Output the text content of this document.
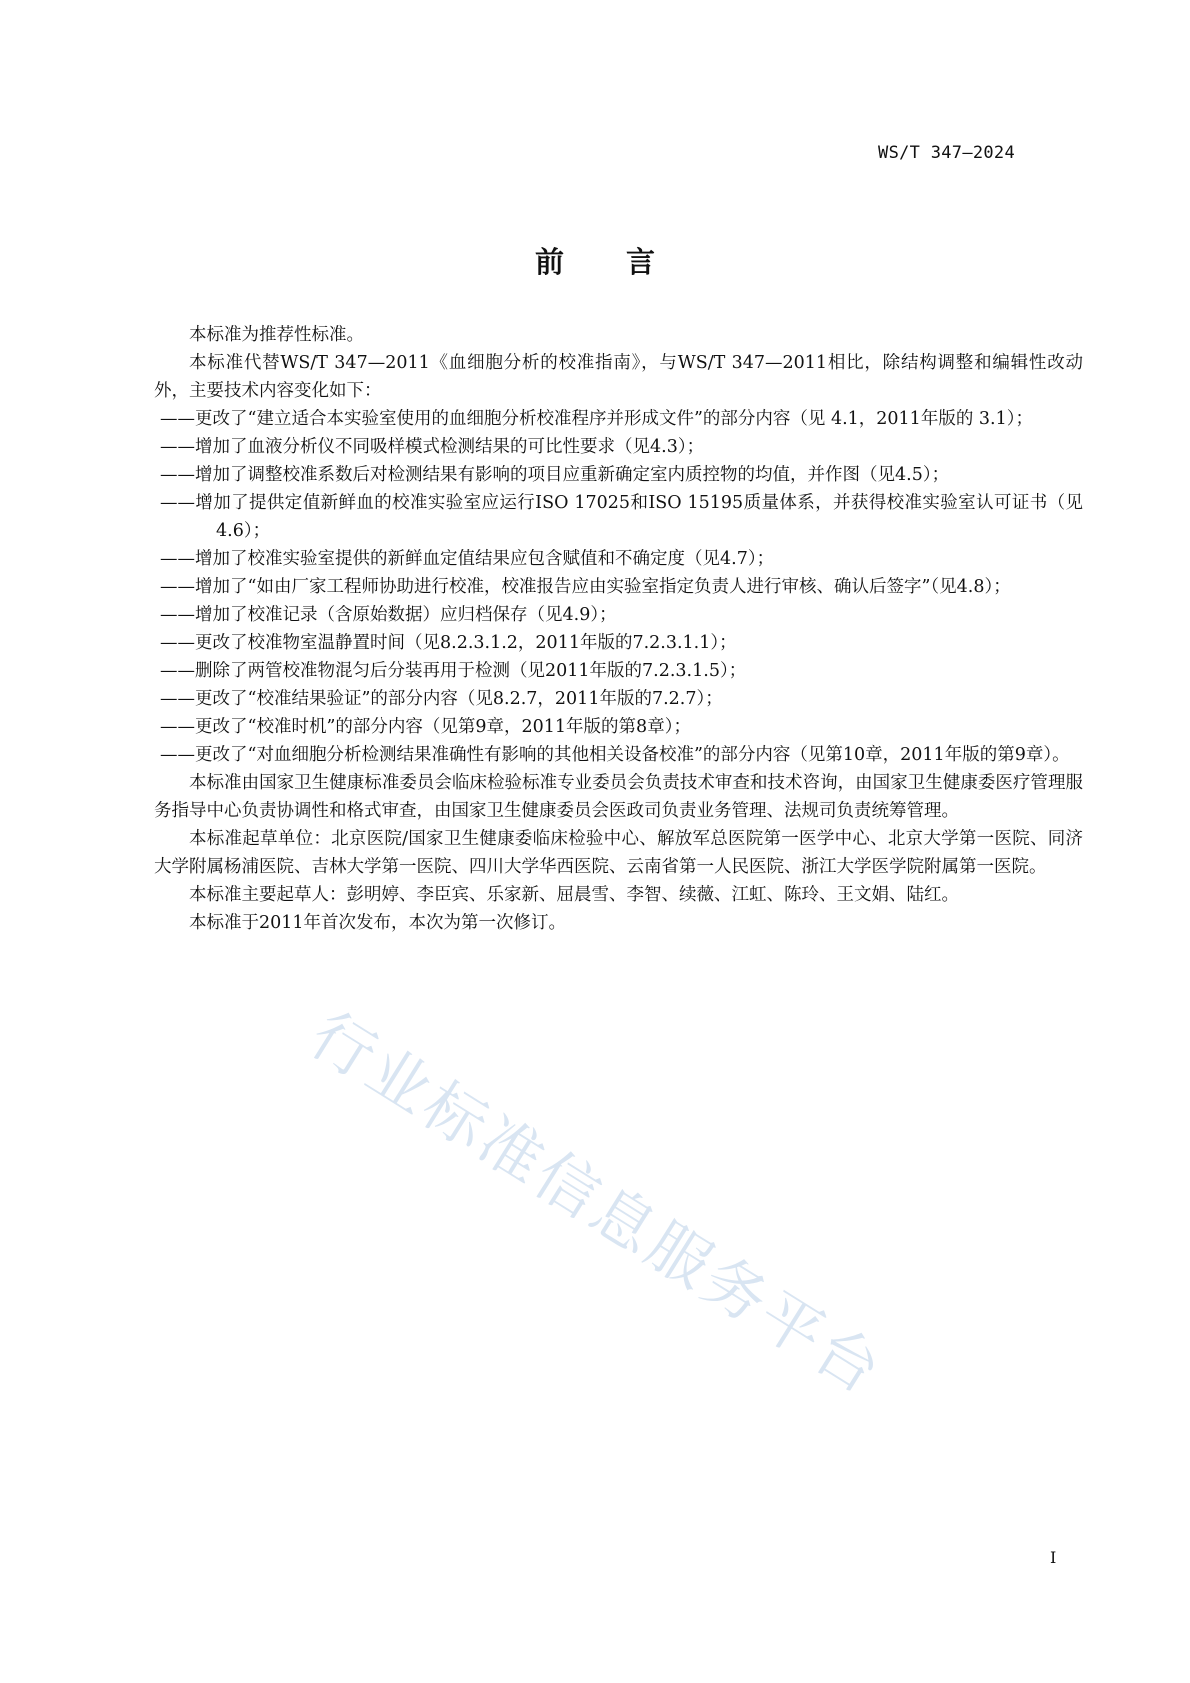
WS/T 347—2024
前言

本标准为推荐性标准。

本标准代替WS/T 347—2011《血细胞分析的校准指南》，与WS/T 347—2011相比，除结构调整和编辑性改动外，主要技术内容变化如下：

——更改了“建立适合本实验室使用的血细胞分析校准程序并形成文件”的部分内容（见 4.1，2011年版的 3.1）；

——增加了血液分析仪不同吸样模式检测结果的可比性要求（见4.3）；

——增加了调整校准系数后对检测结果有影响的项目应重新确定室内质控物的均值，并作图（见4.5）；

——增加了提供定值新鲜血的校准实验室应运行ISO 17025和ISO 15195质量体系，并获得校准实验室认可证书（见4.6）；

——增加了校准实验室提供的新鲜血定值结果应包含赋值和不确定度（见4.7）；

——增加了“如由厂家工程师协助进行校准，校准报告应由实验室指定负责人进行审核、确认后签字”（见4.8）；

——增加了校准记录（含原始数据）应归档保存（见4.9）；

——更改了校准物室温静置时间（见8.2.3.1.2，2011年版的7.2.3.1.1）；

——删除了两管校准物混匀后分装再用于检测（见2011年版的7.2.3.1.5）；

——更改了“校准结果验证”的部分内容（见8.2.7，2011年版的7.2.7）；

——更改了“校准时机”的部分内容（见第9章，2011年版的第8章）；

——更改了“对血细胞分析检测结果准确性有影响的其他相关设备校准”的部分内容（见第10章，2011年版的第9章）。

本标准由国家卫生健康标准委员会临床检验标准专业委员会负责技术审查和技术咨询，由国家卫生健康委医疗管理服务指导中心负责协调性和格式审查，由国家卫生健康委员会医政司负责业务管理、法规司负责统筹管理。

本标准起草单位：北京医院/国家卫生健康委临床检验中心、解放军总医院第一医学中心、北京大学第一医院、同济大学附属杨浦医院、吉林大学第一医院、四川大学华西医院、云南省第一人民医院、浙江大学医学院附属第一医院。

本标准主要起草人：彭明婷、李臣宾、乐家新、屈晨雪、李智、续薇、江虹、陈玲、王文娟、陆红。

本标准于2011年首次发布，本次为第一次修订。

行业标准信息服务平台
I
